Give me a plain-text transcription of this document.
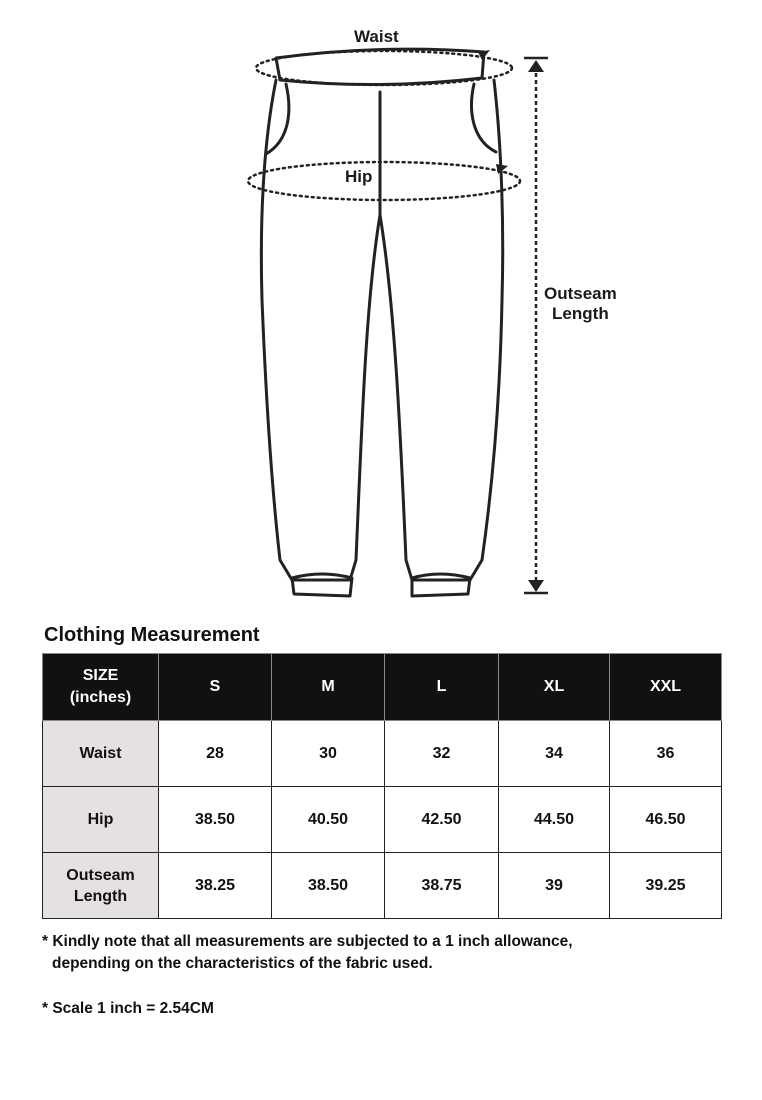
Waist
Hip
Outseam
Length
Clothing Measurement
SIZE
(inches)	S	M	L	XL	XXL

Waist	28	30	32	34	36

Hip	38.50	40.50	42.50	44.50	46.50

Outseam
Length	38.25	38.50	38.75	39	39.25
* Kindly note that all measurements are subjected to a 1 inch allowance,
depending on the characteristics of the fabric used.
* Scale 1 inch = 2.54CM
